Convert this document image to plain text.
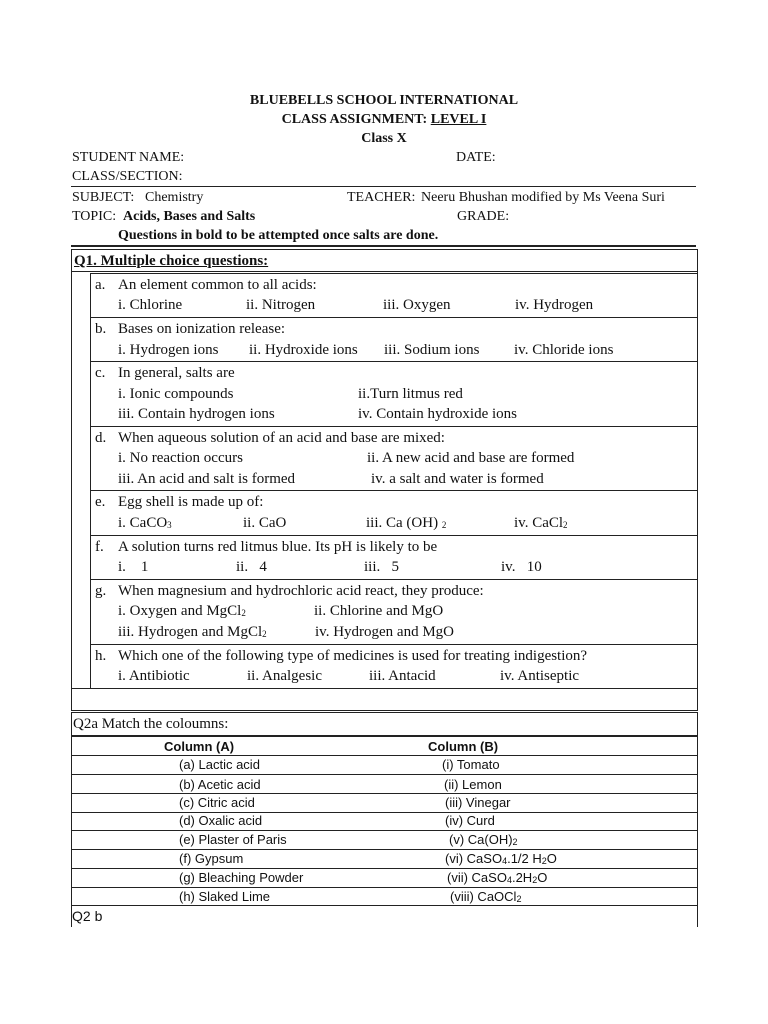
BLUEBELLS SCHOOL INTERNATIONAL
CLASS ASSIGNMENT: LEVEL I
Class X
STUDENT NAME:	DATE:
CLASS/SECTION:
SUBJECT: Chemistry	TEACHER: Neeru Bhushan modified by Ms Veena Suri
TOPIC: Acids, Bases and Salts	GRADE:
Questions in bold to be attempted once salts are done.
Q1. Multiple choice questions:
a. An element common to all acids:
i. Chlorine	ii. Nitrogen	iii. Oxygen	iv. Hydrogen
b. Bases on ionization release:
i. Hydrogen ions ii. Hydroxide ions iii. Sodium ions iv. Chloride ions
c. In general, salts are
i. Ionic compounds	ii.Turn litmus red
iii. Contain hydrogen ions	iv. Contain hydroxide ions
d. When aqueous solution of an acid and base are mixed:
i. No reaction occurs	ii. A new acid and base are formed
iii. An acid and salt is formed	iv. a salt and water is formed
e. Egg shell is made up of:
i. CaCO$_3$	ii. CaO	iii. Ca (OH) $_2$	iv. CaCl$_2$
f. A solution turns red litmus blue. Its pH is likely to be
i.    1	ii.   4	iii.   5	iv.   10
g. When magnesium and hydrochloric acid react, they produce:
i. Oxygen and MgCl$_2$	ii. Chlorine and MgO
iii. Hydrogen and MgCl$_2$	iv. Hydrogen and MgO
h. Which one of the following type of medicines is used for treating indigestion?
i. Antibiotic	ii. Analgesic	iii. Antacid	iv. Antiseptic
Q2a Match the coloumns:
Column (A)	Column (B)
(a) Lactic acid	(i) Tomato
(b) Acetic acid	(ii) Lemon
(c) Citric acid	(iii) Vinegar
(d) Oxalic acid	(iv) Curd
(e) Plaster of Paris	(v) $Ca(OH)_2$
(f) Gypsum	(vi) CaSO$_4$.1/2 $H_2O$
(g) Bleaching Powder	(vii) $CaSO_4.2H_2O$
(h) Slaked Lime	(viii) CaOCl$_2$
Q2 b
